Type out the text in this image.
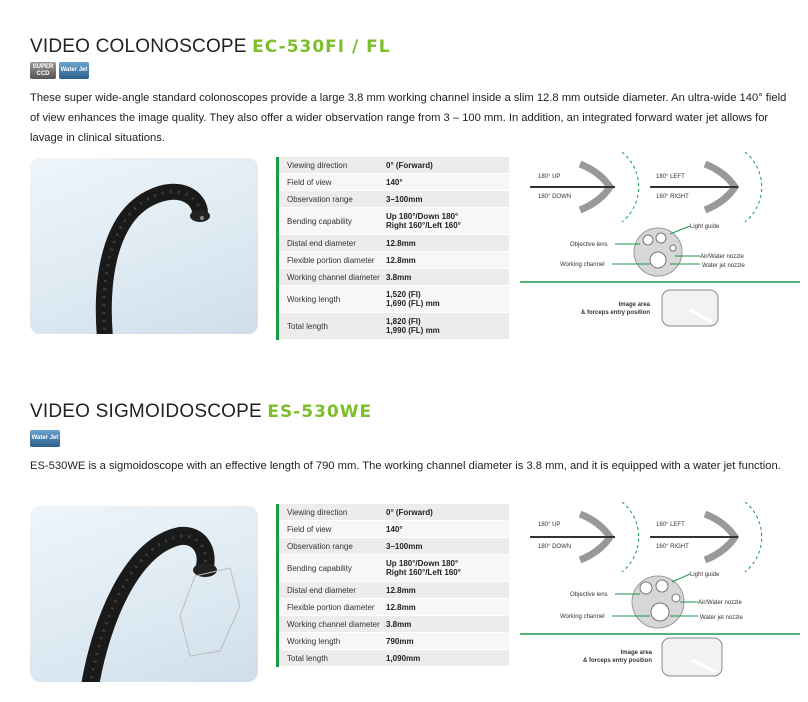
VIDEO COLONOSCOPE EC-530FI / FL
SUPER CCD
Water Jet
These super wide-angle standard colonoscopes provide a large 3.8 mm working channel inside a slim 12.8 mm outside diameter. An ultra-wide 140° field of view enhances the image quality. They also offer a wider observation range from 3 – 100 mm. In addition, an integrated forward water jet allows for lavage in clinical situations.
Viewing direction	0° (Forward)
Field of view	140°
Observation range	3–100mm
Bending capability	Up 180°/Down 180°
Right 160°/Left 160°
Distal end diameter	12.8mm
Flexible portion diameter	12.8mm
Working channel diameter 3.8mm
Working length	1,520 (FI)
1,690 (FL) mm
Total length	1,820 (FI)
1,990 (FL) mm
180° UP
180° DOWN
180° LEFT
160° RIGHT
Light guide
Objective lens
Air/Water nozzle
Working channel	Water jet nozzle
Image area
& forceps entry position
VIDEO SIGMOIDOSCOPE ES-530WE
Water Jet
ES-530WE is a sigmoidoscope with an effective length of 790 mm. The working channel diameter is 3.8 mm, and it is equipped with a water jet function.
Viewing direction	0° (Forward)
Field of view	140°
Observation range	3–100mm
Bending capability	Up 180°/Down 180°
Right 160°/Left 160°
Distal end diameter	12.8mm
Flexible portion diameter	12.8mm
Working channel diameter 3.8mm
Working length	790mm
Total length	1,090mm
180° UP
180° DOWN
160° LEFT
160° RIGHT
Light guide
Objective lens
Air/Water nozzle
Working channel	Water jet nozzle
Image area
& forceps entry position
